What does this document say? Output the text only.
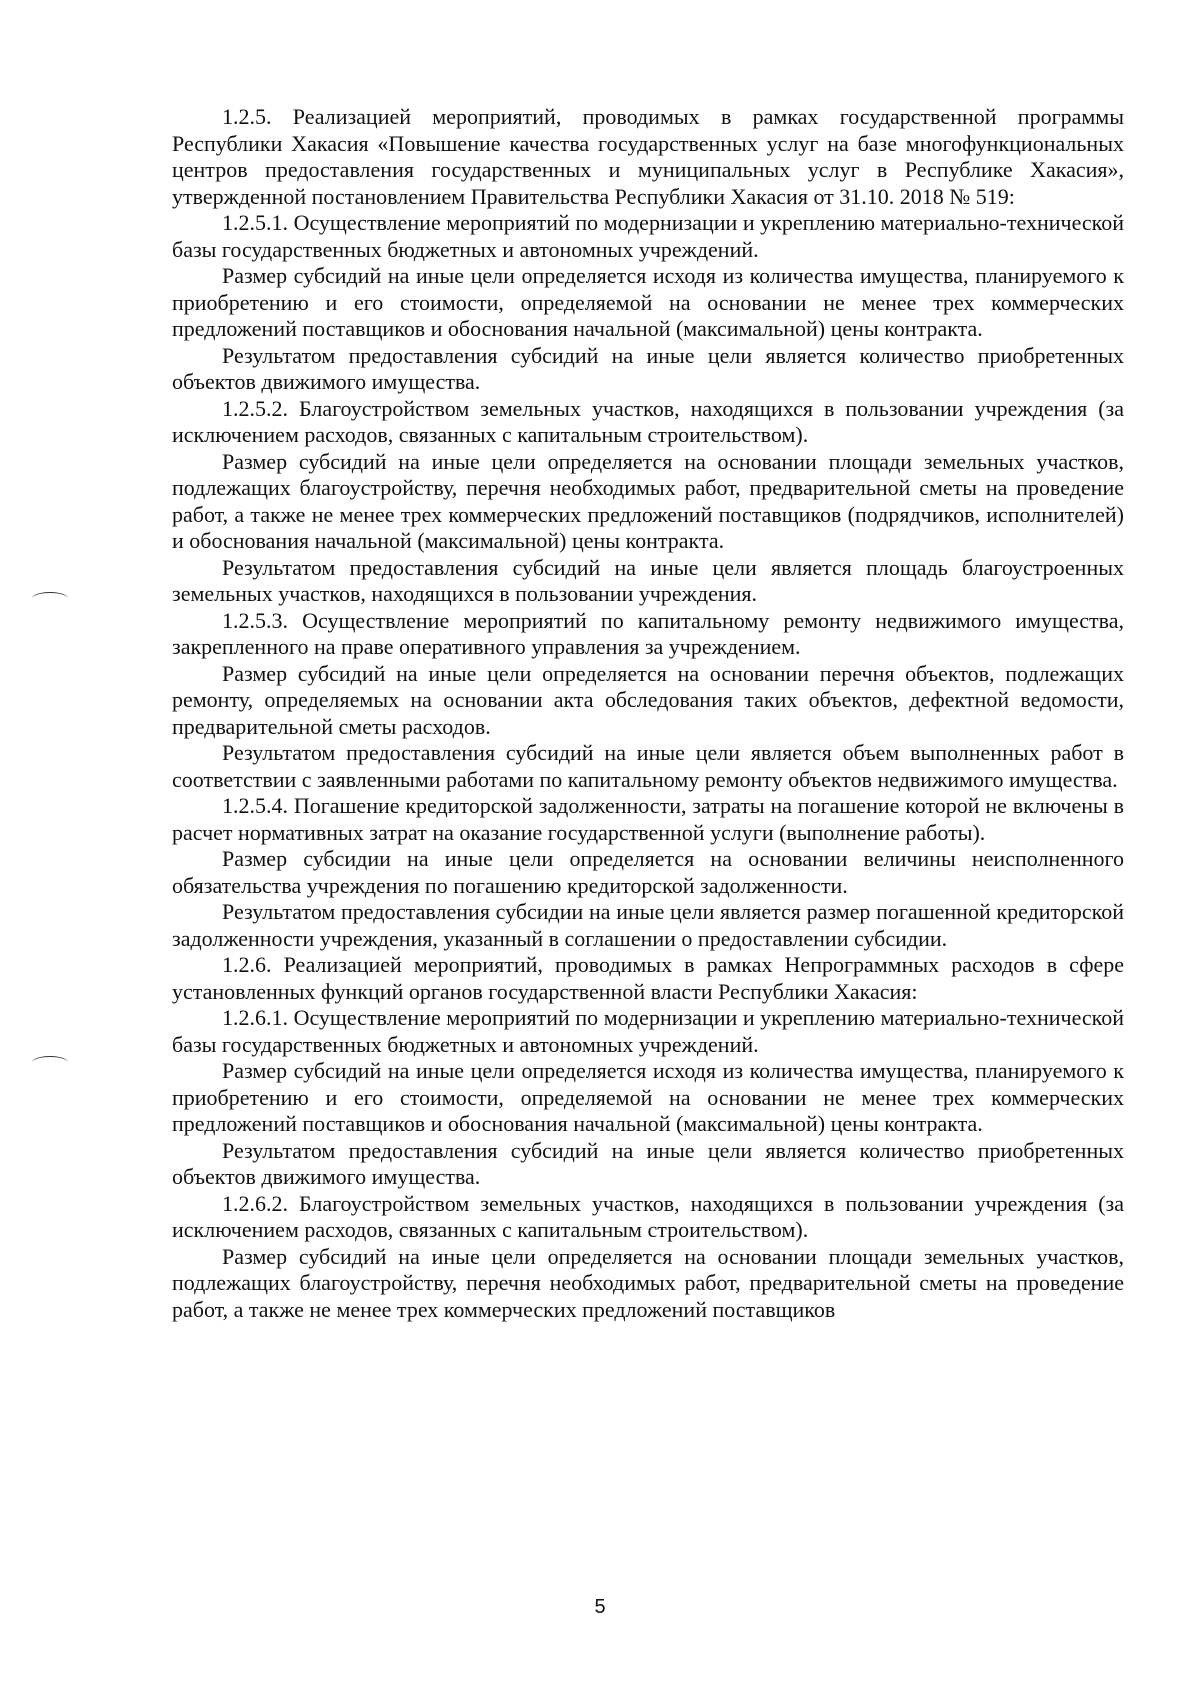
1.2.5. Реализацией мероприятий, проводимых в рамках государственной программы Республики Хакасия «Повышение качества государственных услуг на базе многофункциональных центров предоставления государственных и муниципальных услуг в Республике Хакасия», утвержденной постановлением Правительства Республики Хакасия от 31.10. 2018 № 519:

1.2.5.1. Осуществление мероприятий по модернизации и укреплению материально-технической базы государственных бюджетных и автономных учреждений.

Размер субсидий на иные цели определяется исходя из количества имущества, планируемого к приобретению и его стоимости, определяемой на основании не менее трех коммерческих предложений поставщиков и обоснования начальной (максимальной) цены контракта.

Результатом предоставления субсидий на иные цели является количество приобретенных объектов движимого имущества.

1.2.5.2. Благоустройством земельных участков, находящихся в пользовании учреждения (за исключением расходов, связанных с капитальным строительством).

Размер субсидий на иные цели определяется на основании площади земельных участков, подлежащих благоустройству, перечня необходимых работ, предварительной сметы на проведение работ, а также не менее трех коммерческих предложений поставщиков (подрядчиков, исполнителей) и обоснования начальной (максимальной) цены контракта.

Результатом предоставления субсидий на иные цели является площадь благоустроенных земельных участков, находящихся в пользовании учреждения.

1.2.5.3. Осуществление мероприятий по капитальному ремонту недвижимого имущества, закрепленного на праве оперативного управления за учреждением.

Размер субсидий на иные цели определяется на основании перечня объектов, подлежащих ремонту, определяемых на основании акта обследования таких объектов, дефектной ведомости, предварительной сметы расходов.

Результатом предоставления субсидий на иные цели является объем выполненных работ в соответствии с заявленными работами по капитальному ремонту объектов недвижимого имущества.

1.2.5.4. Погашение кредиторской задолженности, затраты на погашение которой не включены в расчет нормативных затрат на оказание государственной услуги (выполнение работы).

Размер субсидии на иные цели определяется на основании величины неисполненного обязательства учреждения по погашению кредиторской задолженности.

Результатом предоставления субсидии на иные цели является размер погашенной кредиторской задолженности учреждения, указанный в соглашении о предоставлении субсидии.

1.2.6. Реализацией мероприятий, проводимых в рамках Непрограммных расходов в сфере установленных функций органов государственной власти Республики Хакасия:

1.2.6.1. Осуществление мероприятий по модернизации и укреплению материально-технической базы государственных бюджетных и автономных учреждений.

Размер субсидий на иные цели определяется исходя из количества имущества, планируемого к приобретению и его стоимости, определяемой на основании не менее трех коммерческих предложений поставщиков и обоснования начальной (максимальной) цены контракта.

Результатом предоставления субсидий на иные цели является количество приобретенных объектов движимого имущества.

1.2.6.2. Благоустройством земельных участков, находящихся в пользовании учреждения (за исключением расходов, связанных с капитальным строительством).

Размер субсидий на иные цели определяется на основании площади земельных участков, подлежащих благоустройству, перечня необходимых работ, предварительной сметы на проведение работ, а также не менее трех коммерческих предложений поставщиков

5
